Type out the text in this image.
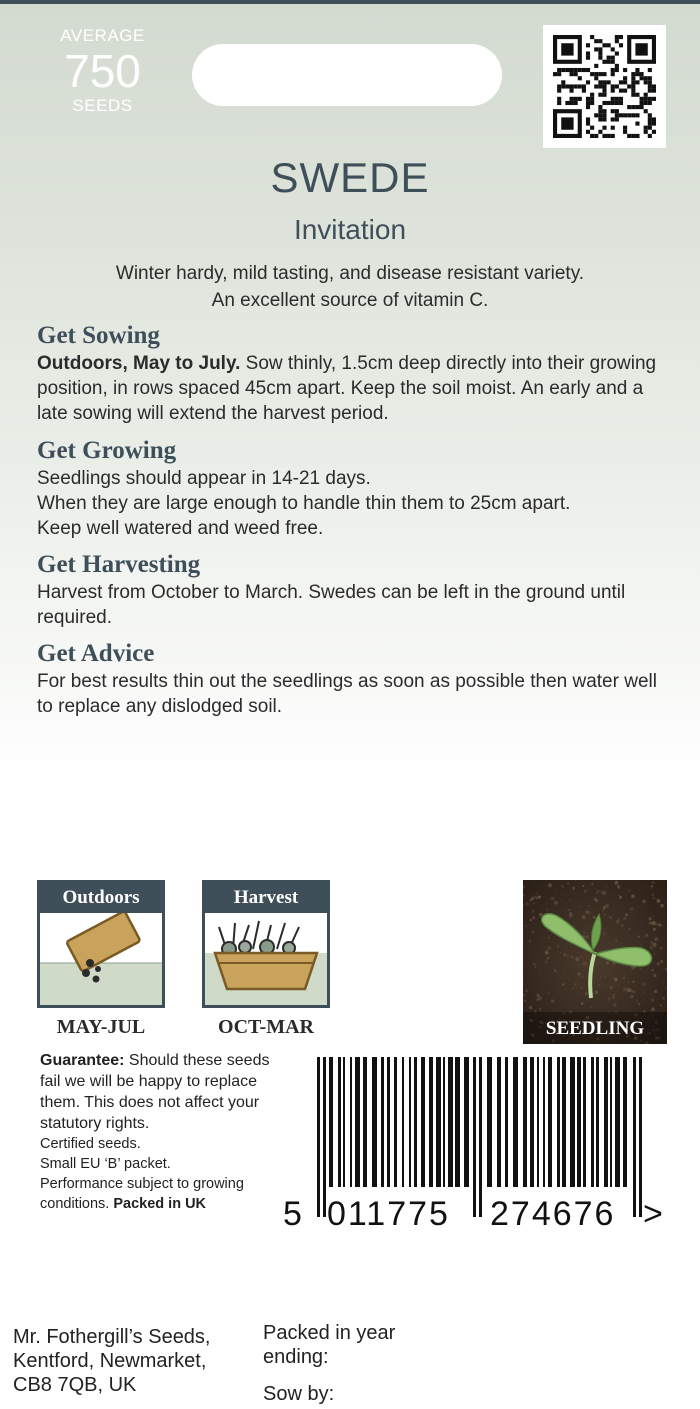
AVERAGE
750
SEEDS
SWEDE
Invitation
Winter hardy, mild tasting, and disease resistant variety.
An excellent source of vitamin C.
Get Sowing

Outdoors, May to July. Sow thinly, 1.5cm deep directly into their growing position, in rows spaced 45cm apart. Keep the soil moist. An early and a late sowing will extend the harvest period.

Get Growing

Seedlings should appear in 14-21 days.

When they are large enough to handle thin them to 25cm apart.

Keep well watered and weed free.

Get Harvesting

Harvest from October to March. Swedes can be left in the ground until required.

Get Advice

For best results thin out the seedlings as soon as possible then water well to replace any dislodged soil.

Outdoors
MAY-JUL
Harvest
OCT-MAR	SEEDLING

Guarantee: Should these seeds fail we will be happy to replace them. This does not affect your statutory rights.

Certified seeds.

Small EU ‘B’ packet.

Performance subject to growing conditions. Packed in UK	5 011775 274676 >
Mr. Fothergill’s Seeds,
Kentford, Newmarket,
CB8 7QB, UK
Packed in year
ending:
Sow by:
